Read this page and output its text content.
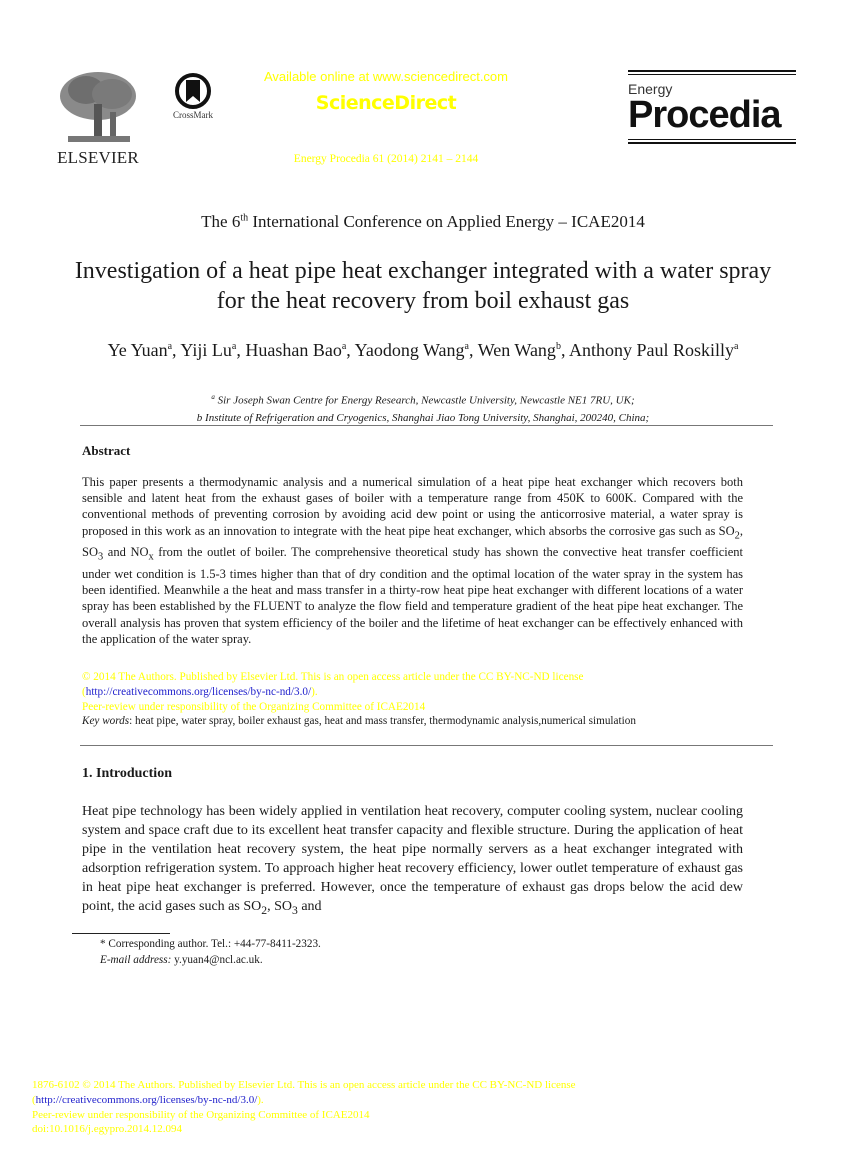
ELSEVIER
CrossMark
Available online at www.sciencedirect.com
ScienceDirect
Energy Procedia 61 (2014) 2141 – 2144
Energy
Procedia
The 6th International Conference on Applied Energy – ICAE2014
Investigation of a heat pipe heat exchanger integrated with a water spray for the heat recovery from boil exhaust gas
Ye Yuan$^a$, Yiji Lu$^a$, Huashan Bao$^a$, Yaodong Wang$^a$, Wen Wang$^b$, Anthony Paul Roskilly$^a$
$^a$ Sir Joseph Swan Centre for Energy Research, Newcastle University, Newcastle NE1 7RU, UK;
b Institute of Refrigeration and Cryogenics, Shanghai Jiao Tong University, Shanghai, 200240, China;
Abstract
This paper presents a thermodynamic analysis and a numerical simulation of a heat pipe heat exchanger which recovers both sensible and latent heat from the exhaust gases of boiler with a temperature range from 450K to 600K. Compared with the conventional methods of preventing corrosion by avoiding acid dew point or using the anticorrosive material, a water spray is proposed in this work as an innovation to integrate with the heat pipe heat exchanger, which absorbs the corrosive gas such as $SO_2$, $SO_3$ and $NO_x$ from the outlet of boiler. The comprehensive theoretical study has shown the convective heat transfer coefficient under wet condition is 1.5-3 times higher than that of dry condition and the optimal location of the water spray in the system has been identified. Meanwhile a the heat and mass transfer in a thirty-row heat pipe heat exchanger with different locations of a water spray has been established by the FLUENT to analyze the flow field and temperature gradient of the heat pipe heat exchanger. The overall analysis has proven that system efficiency of the boiler and the lifetime of heat exchanger can be effectively enhanced with the application of the water spray.
© 2014 The Authors. Published by Elsevier Ltd. This is an open access article under the CC BY-NC-ND license
(http://creativecommons.org/licenses/by-nc-nd/3.0/).
Peer-review under responsibility of the Organizing Committee of ICAE2014
Key words: heat pipe, water spray, boiler exhaust gas, heat and mass transfer, thermodynamic analysis,numerical simulation
1. Introduction
Heat pipe technology has been widely applied in ventilation heat recovery, computer cooling system, nuclear cooling system and space craft due to its excellent heat transfer capacity and flexible structure. During the application of heat pipe in the ventilation heat recovery system, the heat pipe normally servers as a heat exchanger integrated with adsorption refrigeration system. To approach higher heat recovery efficiency, lower outlet temperature of exhaust gas in heat pipe heat exchanger is preferred. However, once the temperature of exhaust gas drops below the acid dew point, the acid gases such as $SO_2$, $SO_3$ and
* Corresponding author. Tel.: +44-77-8411-2323.
E-mail address: y.yuan4@ncl.ac.uk.
1876-6102 © 2014 The Authors. Published by Elsevier Ltd. This is an open access article under the CC BY-NC-ND license
(http://creativecommons.org/licenses/by-nc-nd/3.0/).
Peer-review under responsibility of the Organizing Committee of ICAE2014
doi:10.1016/j.egypro.2014.12.094
